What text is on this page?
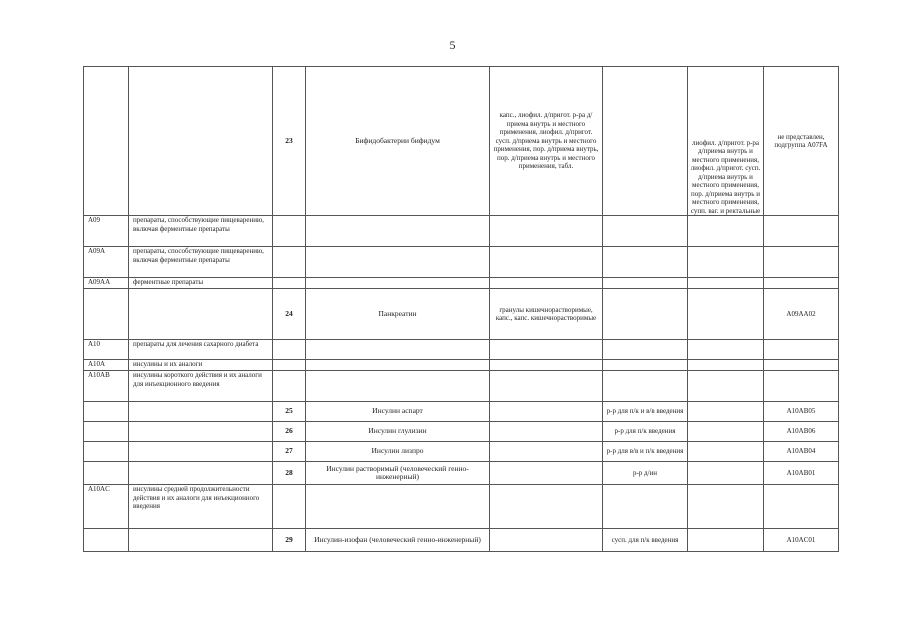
5
		23	Бифидобактерии бифидум	капс., лиофил. д/пригот. р-ра д/приема внутрь и местного применения, лиофил. д/пригот. сусп. д/приема внутрь и местного применения, пор. д/приема внутрь, пор. д/приема внутрь и местного применения, табл.		лиофил. д/пригот. р-ра д/приема внутрь и местного применения, лиофил. д/пригот. сусп. д/приема внутрь и местного применения, пор. д/приема внутрь и местного применения, супп. ваг. и ректальные	не представлен, подгруппа A07FA
A09	препараты, способствующие пищеварению, включая ферментные препараты						
A09A	препараты, способствующие пищеварению, включая ферментные препараты						
A09AA	ферментные препараты						
		24	Панкреатин	гранулы кишечнорастворимые, капс., капс. кишечнорастворимые			A09AA02
A10	препараты для лечения сахарного диабета						
A10A	инсулины и их аналоги						
A10AB	инсулины короткого действия и их аналоги для инъекционного введения						
		25	Инсулин аспарт		р-р для п/к и в/в введения		A10AB05
		26	Инсулин глулизин		р-р для п/к введения		A10AB06
		27	Инсулин лизпро		р-р для в/в и п/к введения		A10AB04
		28	Инсулин растворимый (человеческий генно-инженерный)		р-р д/ин		A10AB01
A10AC	инсулины средней продолжительности действия и их аналоги для инъекционного введения						
		29	Инсулин-изофан (человеческий генно-инженерный)		сусп. для п/к введения		A10AC01
